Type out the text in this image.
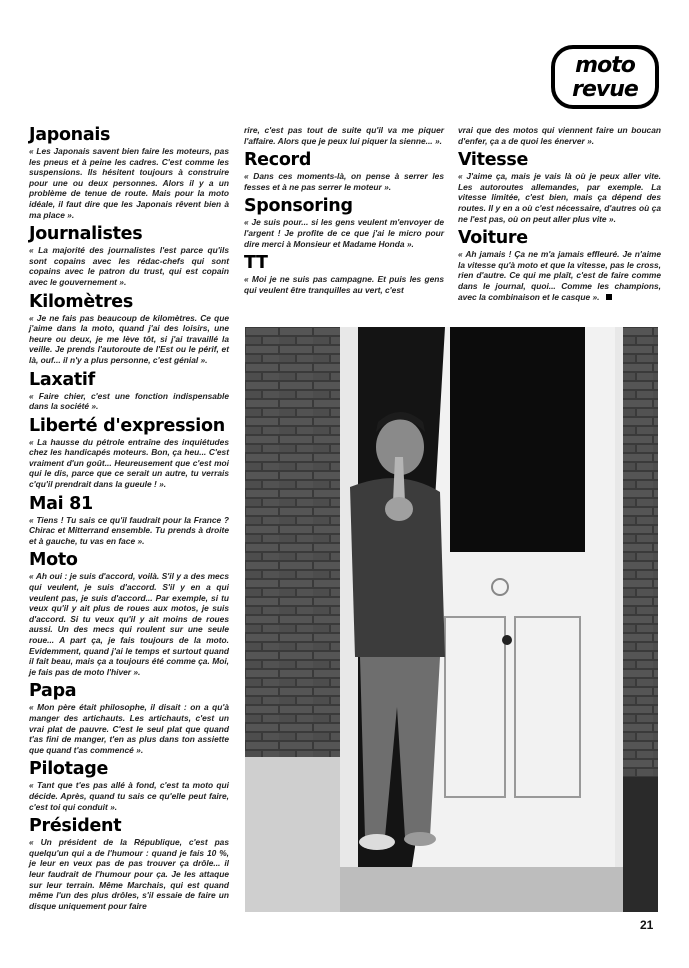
moto
revue
Japonais

« Les Japonais savent bien faire les moteurs, pas les pneus et à peine les cadres. C'est comme les suspensions. Ils hésitent toujours à construire pour une ou deux personnes. Alors il y a un problème de tenue de route. Mais pour la moto idéale, il faut dire que les Japonais rêvent bien à ma place ».

Journalistes

« La majorité des journalistes l'est parce qu'ils sont copains avec les rédac-chefs qui sont copains avec le patron du trust, qui est copain avec le gouvernement ».

Kilomètres

« Je ne fais pas beaucoup de kilomètres. Ce que j'aime dans la moto, quand j'ai des loisirs, une heure ou deux, je me lève tôt, si j'ai travaillé la veille. Je prends l'autoroute de l'Est ou le périf, et là, ouf... il n'y a plus personne, c'est génial ».

Laxatif

« Faire chier, c'est une fonction indispensable dans la société ».

Liberté d'expression

« La hausse du pétrole entraîne des inquiétudes chez les handicapés moteurs. Bon, ça heu... C'est vraiment d'un goût... Heureusement que c'est moi qui le dis, parce que ce serait un autre, tu verrais c'qu'il prendrait dans la gueule ! ».

Mai 81

« Tiens ! Tu sais ce qu'il faudrait pour la France ? Chirac et Mitterrand ensemble. Tu prends à droite et à gauche, tu vas en face ».

Moto

« Ah oui : je suis d'accord, voilà. S'il y a des mecs qui veulent, je suis d'accord. S'il y en a qui veulent pas, je suis d'accord... Par exemple, si tu veux qu'il y ait plus de roues aux motos, je suis d'accord. Si tu veux qu'il y ait moins de roues aussi. Un des mecs qui roulent sur une seule roue... A part ça, je fais toujours de la moto. Evidemment, quand j'ai le temps et surtout quand il fait beau, mais ça a toujours été comme ça. Moi, je fais pas de moto l'hiver ».

Papa

« Mon père était philosophe, il disait : on a qu'à manger des artichauts. Les artichauts, c'est un vrai plat de pauvre. C'est le seul plat que quand t'as fini de manger, t'en as plus dans ton assiette que quand t'as commencé ».

Pilotage

« Tant que t'es pas allé à fond, c'est ta moto qui décide. Après, quand tu sais ce qu'elle peut faire, c'est toi qui conduit ».

Président

« Un président de la République, c'est pas quelqu'un qui a de l'humour : quand je fais 10 %, je leur en veux pas de pas trouver ça drôle... il leur faudrait de l'humour pour ça. Je les attaque sur leur terrain. Même Marchais, qui est quand même l'un des plus drôles, s'il essaie de faire un disque uniquement pour faire

rire, c'est pas tout de suite qu'il va me piquer l'affaire. Alors que je peux lui piquer la sienne... ».

Record

« Dans ces moments-là, on pense à serrer les fesses et à ne pas serrer le moteur ».

Sponsoring

« Je suis pour... si les gens veulent m'envoyer de l'argent ! Je profite de ce que j'ai le micro pour dire merci à Monsieur et Madame Honda ».

TT

« Moi je ne suis pas campagne. Et puis les gens qui veulent être tranquilles au vert, c'est

vrai que des motos qui viennent faire un boucan d'enfer, ça a de quoi les énerver ».

Vitesse

« J'aime ça, mais je vais là où je peux aller vite. Les autoroutes allemandes, par exemple. La vitesse limitée, c'est bien, mais ça dépend des routes. Il y en a où c'est nécessaire, d'autres où ça ne l'est pas, où on peut aller plus vite ».

Voiture

« Ah jamais ! Ça ne m'a jamais effleuré. Je n'aime la vitesse qu'à moto et que la vitesse, pas le cross, rien d'autre. Ce qui me plaît, c'est de faire comme dans le journal, quoi... Comme les champions, avec la combinaison et le casque ».

21
